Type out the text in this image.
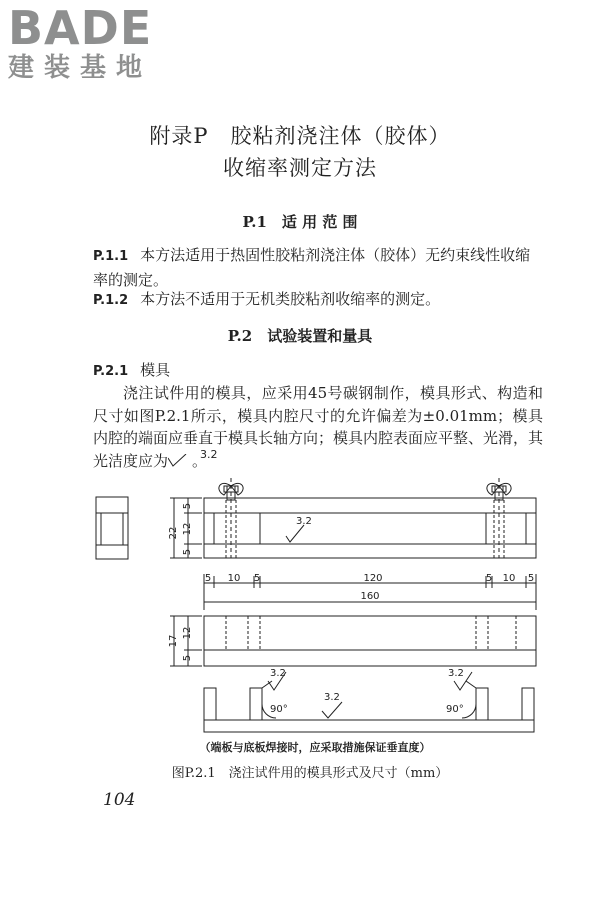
BADE
建装基地
附录P　胶粘剂浇注体（胶体）
收缩率测定方法
P.1　适 用 范 围
P.1.1 本方法适用于热固性胶粘剂浇注体（胶体）无约束线性收缩率的测定。
P.1.2 本方法不适用于无机类胶粘剂收缩率的测定。
P.2　试验装置和量具
P.2.1 模具
浇注试件用的模具，应采用45号碳钢制作，模具形式、构造和尺寸如图P.2.1所示，模具内腔尺寸的允许偏差为±0.01mm；模具内腔的端面应垂直于模具长轴方向；模具内腔表面应平整、光滑，其光洁度应为	3.2
。
22
5
12
5
5 10 5	120	5 10 5
160
17
12
5
3.2
3.2
3.2
3.2
90°	90°
（端板与底板焊接时，应采取措施保证垂直度）
图P.2.1　浇注试件用的模具形式及尺寸（mm）
104
